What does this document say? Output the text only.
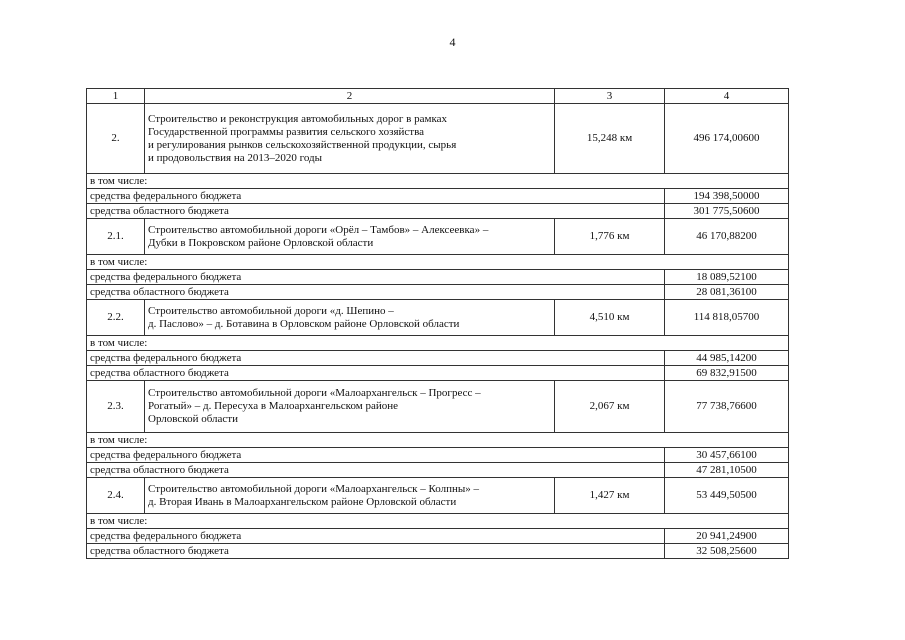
4
1	2	3	4
2.	Строительство и реконструкция автомобильных дорог в рамках
Государственной программы развития сельского хозяйства
и регулирования рынков сельскохозяйственной продукции, сырья
и продовольствия на 2013–2020 годы	15,248 км	496 174,00600
в том числе:			
средства федерального бюджета			194 398,50000
средства областного бюджета			301 775,50600
2.1.	Строительство автомобильной дороги «Орёл – Тамбов» – Алексеевка» –
Дубки в Покровском районе Орловской области	1,776 км	46 170,88200
в том числе:			
средства федерального бюджета			18 089,52100
средства областного бюджета			28 081,36100
2.2.	Строительство автомобильной дороги «д. Шепино –
д. Паслово» – д. Ботавина в Орловском районе Орловской области	4,510 км	114 818,05700
в том числе:			
средства федерального бюджета			44 985,14200
средства областного бюджета			69 832,91500
2.3.	Строительство автомобильной дороги «Малоархангельск – Прогресс –
Рогатый» – д. Пересуха в Малоархангельском районе
Орловской области	2,067 км	77 738,76600
в том числе:			
средства федерального бюджета			30 457,66100
средства областного бюджета			47 281,10500
2.4.	Строительство автомобильной дороги «Малоархангельск – Колпны» –
д. Вторая Ивань в Малоархангельском районе Орловской области	1,427 км	53 449,50500
в том числе:			
средства федерального бюджета			20 941,24900
средства областного бюджета			32 508,25600
